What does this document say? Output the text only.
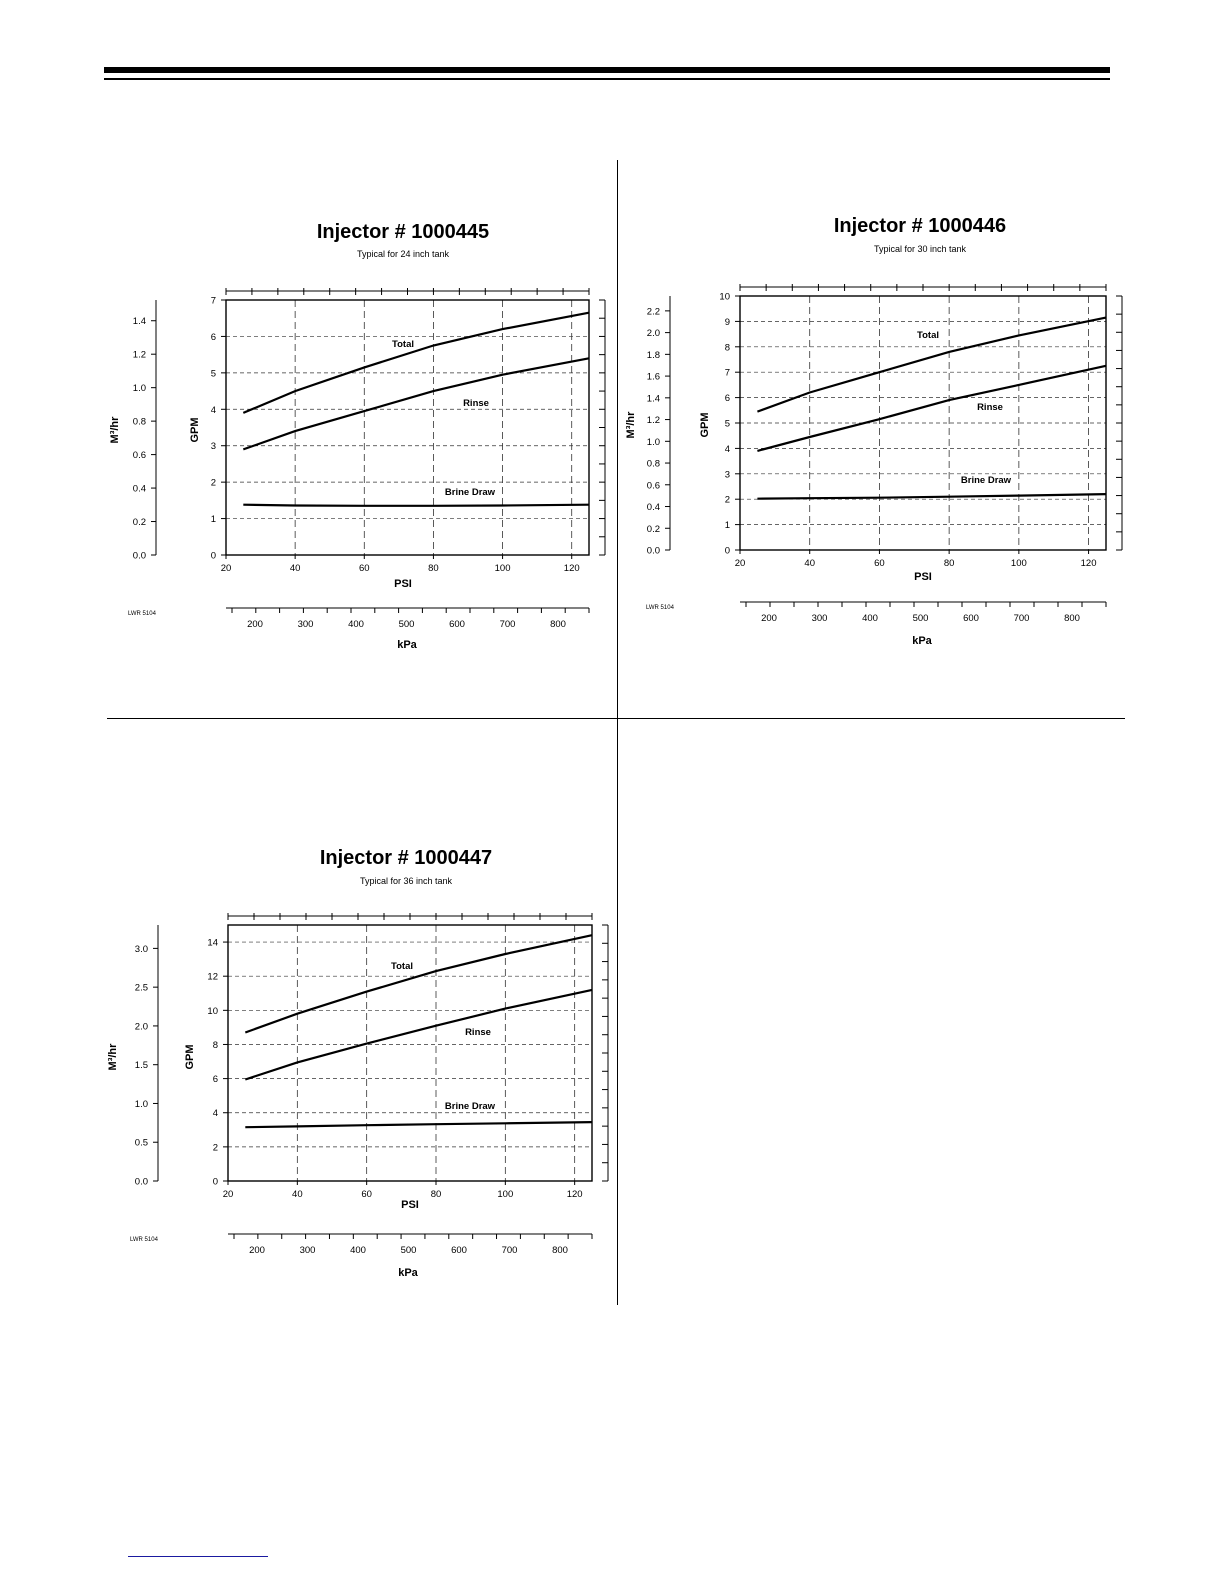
Injector # 1000445
Typical for 24 inch tank
20	40	60	80	100	120
0
1
2
3
4
5
6
7
0.0
0.2
0.4
0.6
0.8
1.0
1.2
1.4
200	300	400	500	600	700	800
Total
Rinse
Brine Draw
PSI
GPM
M³/hr
kPa
LWR 5104
Injector # 1000446
Typical for 30 inch tank
20	40	60	80	100	120
0
1
2
3
4
5
6
7
8
9
10
0.0
0.2
0.4
0.6
0.8
1.0
1.2
1.4
1.6
1.8
2.0
2.2
200	300	400	500	600	700	800
Total
Rinse
Brine Draw
PSI
GPM
M³/hr
kPa
LWR 5104
Injector # 1000447
Typical for 36 inch tank
20	40	60	80	100	120
0
2
4
6
8
10
12
14
0.0
0.5
1.0
1.5
2.0
2.5
3.0
200	300	400	500	600	700	800
Total
Rinse
Brine Draw
PSI
GPM
M³/hr
kPa
LWR 5104
